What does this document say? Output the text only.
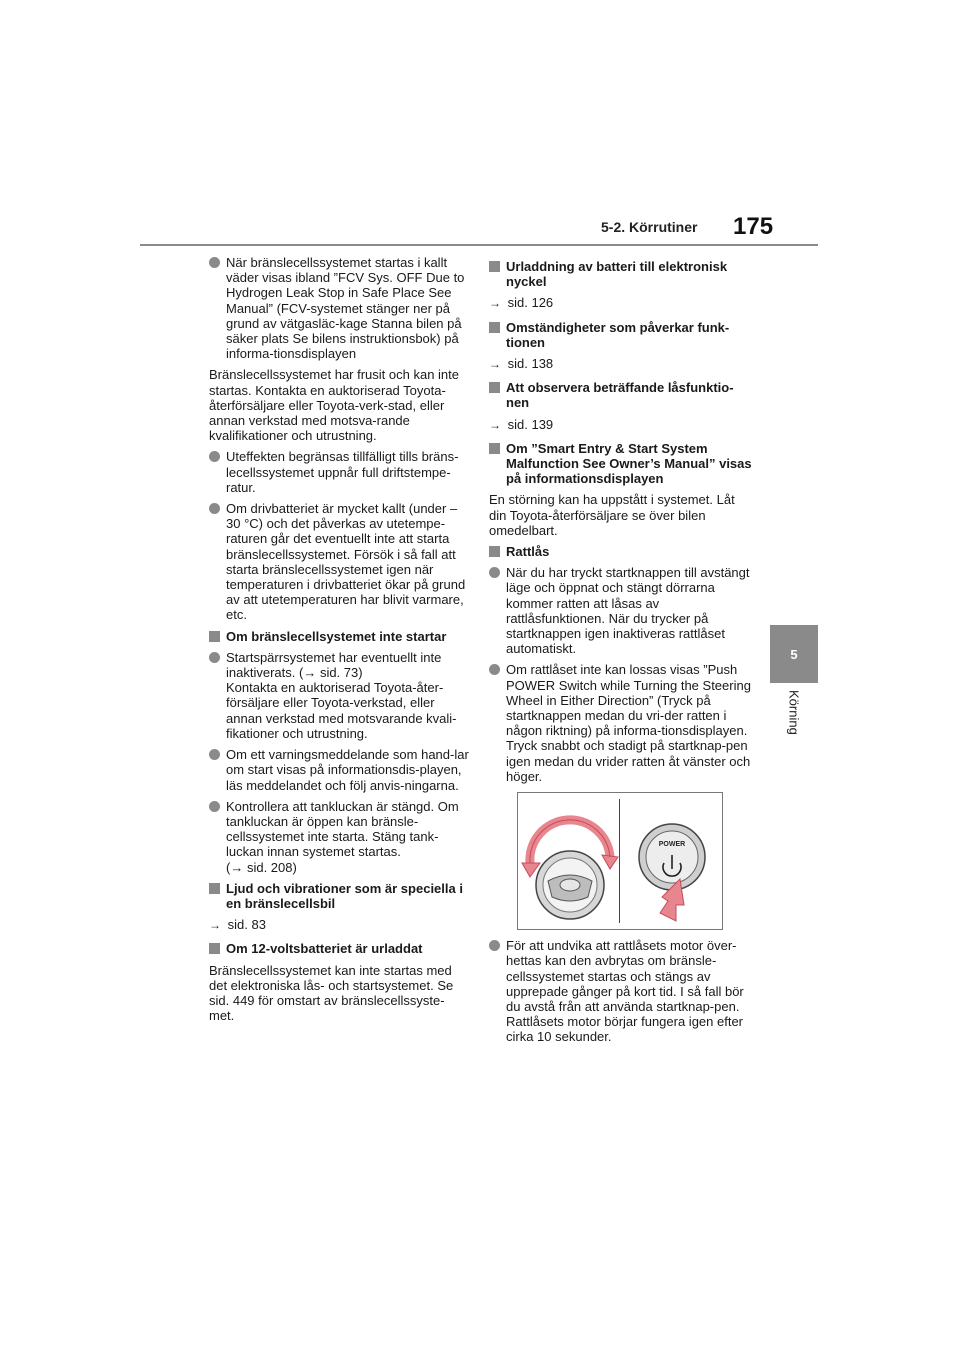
5-2. Körrutiner 175
5
Körning
När bränslecellssystemet startas i kallt väder visas ibland ”FCV Sys. OFF Due to Hydrogen Leak Stop in Safe Place See Manual” (FCV-systemet stänger ner på grund av vätgasläc-kage Stanna bilen på säker plats Se bilens instruktionsbok) på informa-tionsdisplayen

Bränslecellssystemet har frusit och kan inte startas. Kontakta en auktoriserad Toyota-återförsäljare eller Toyota-verk-stad, eller annan verkstad med motsva-rande kvalifikationer och utrustning.

Uteffekten begränsas tillfälligt tills bräns-lecellssystemet uppnår full driftstempe-ratur.
Om drivbatteriet är mycket kallt (under –30 °C) och det påverkas av utetempe-raturen går det eventuellt inte att starta bränslecellssystemet. Försök i så fall att starta bränslecellssystemet igen när temperaturen i drivbatteriet ökar på grund av att utetemperaturen har blivit varmare, etc.
Om bränslecellsystemet inte startar
Startspärrsystemet har eventuellt inte inaktiverats. (→ sid. 73)
Kontakta en auktoriserad Toyota-åter-försäljare eller Toyota-verkstad, eller annan verkstad med motsvarande kvali-fikationer och utrustning.
Om ett varningsmeddelande som hand-lar om start visas på informationsdis-playen, läs meddelandet och följ anvis-ningarna.
Kontrollera att tankluckan är stängd. Om tankluckan är öppen kan bränsle-cellssystemet inte starta. Stäng tank-luckan innan systemet startas.
(→ sid. 208)
Ljud och vibrationer som är speciella i en bränslecellsbil

→ sid. 83

Om 12-voltsbatteriet är urladdat

Bränslecellssystemet kan inte startas med det elektroniska lås- och startsystemet. Se sid. 449 för omstart av bränslecellssyste-met.

Urladdning av batteri till elektronisk nyckel

→ sid. 126

Omständigheter som påverkar funk-tionen

→ sid. 138

Att observera beträffande låsfunktio-nen

→ sid. 139

Om ”Smart Entry & Start System Malfunction See Owner’s Manual” visas på informationsdisplayen

En störning kan ha uppstått i systemet. Låt din Toyota-återförsäljare se över bilen omedelbart.

Rattlås
När du har tryckt startknappen till avstängt läge och öppnat och stängt dörrarna kommer ratten att låsas av rattlåsfunktionen. När du trycker på startknappen igen inaktiveras rattlåset automatiskt.
Om rattlåset inte kan lossas visas ”Push POWER Switch while Turning the Steering Wheel in Either Direction” (Tryck på startknappen medan du vri-der ratten i någon riktning) på informa-tionsdisplayen.
Tryck snabbt och stadigt på startknap-pen igen medan du vrider ratten åt vänster och höger.
POWER
För att undvika att rattlåsets motor över-hettas kan den avbrytas om bränsle-cellssystemet startas och stängs av upprepade gånger på kort tid. I så fall bör du avstå från att använda startknap-pen. Rattlåsets motor börjar fungera igen efter cirka 10 sekunder.
